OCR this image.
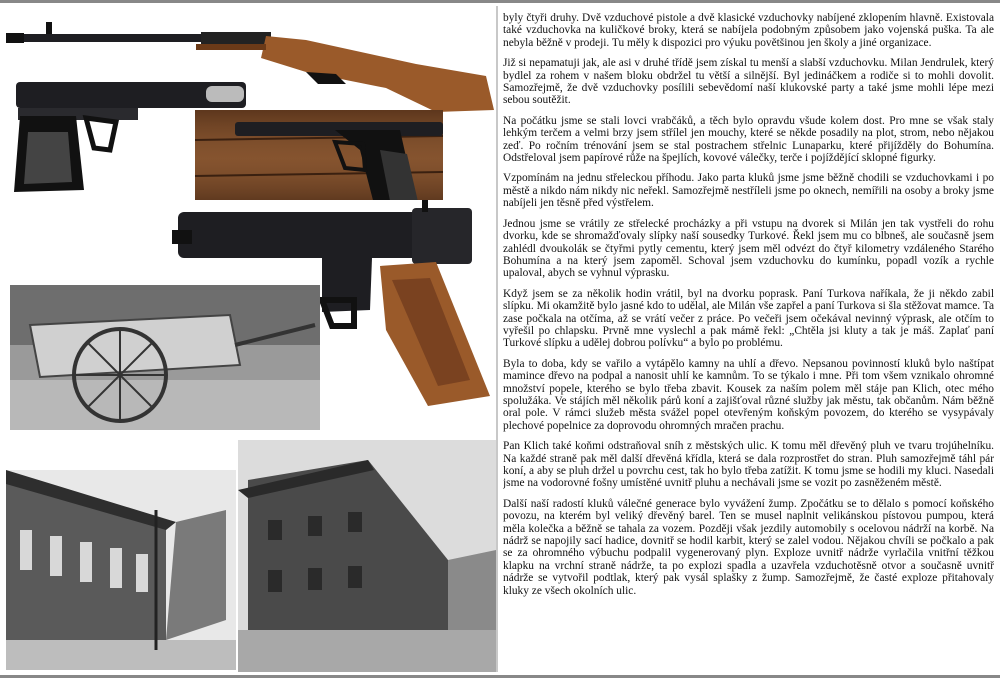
byly čtyři druhy. Dvě vzduchové pistole a dvě klasické vzduchovky nabíjené zklopením hlavně. Existovala také vzduchovka na kuličkové broky, která se nabíjela podobným způsobem jako vojenská puška. Ta ale nebyla běžně v prodeji. Tu měly k dispozici pro výuku povětšinou jen školy a jiné organizace.

Již si nepamatuji jak, ale asi v druhé třídě jsem získal tu menší a slabší vzduchovku. Milan Jendrulek, který bydlel za rohem v našem bloku obdržel tu větší a silnější. Byl jedináčkem a rodiče si to mohli dovolit. Samozřejmě, že dvě vzduchovky posílili sebevědomí naší klukovské party a také jsme mohli lépe mezi sebou soutěžit.

Na počátku jsme se stali lovci vrabčáků, a těch bylo opravdu všude kolem dost. Pro mne se však staly lehkým terčem a velmi brzy jsem střílel jen mouchy, které se někde posadily na plot, strom, nebo nějakou zeď. Po ročním trénování jsem se stal postrachem střelnic Lunaparku, které přijížděly do Bohumína. Odstřeloval jsem papírové růže na špejlích, kovové válečky, terče i pojíždějící sklopné figurky.

Vzpomínám na jednu střeleckou příhodu. Jako parta kluků jsme jsme běžně chodili se vzduchovkami i po městě a nikdo nám nikdy nic neřekl. Samozřejmě nestříleli jsme po oknech, nemířili na osoby a broky jsme nabíjeli jen těsně před výstřelem.

Jednou jsme se vrátily ze střelecké procházky a při vstupu na dvorek si Milán jen tak vystřeli do rohu dvorku, kde se shromažďovaly slípky naší sousedky Turkové. Řekl jsem mu co blbneš, ale současně jsem zahlédl dvoukolák se čtyřmi pytly cementu, který jsem měl odvézt do čtyř kilometry vzdáleného Starého Bohumína a na který jsem zapoměl. Schoval jsem vzduchovku do kumínku, popadl vozík a rychle upaloval, abych se vyhnul výprasku.

Když jsem se za několik hodin vrátil, byl na dvorku poprask. Paní Turkova naříkala, že ji někdo zabil slípku. Mi okamžitě bylo jasné kdo to udělal, ale Milán vše zapřel a paní Turkova si šla stěžovat mamce. Ta zase počkala na otčíma, až se vrátí večer z práce. Po večeři jsem očekával nevinný výprask, ale otčím to vyřešil po chlapsku. Prvně mne vyslechl a pak mámě řekl: „Chtěla jsi kluty a tak je máš. Zaplať paní Turkové slípku a udělej dobrou polívku“ a bylo po problému.

Byla to doba, kdy se vařilo a vytápělo kamny na uhlí a dřevo. Nepsanou povinností kluků bylo naštípat mamince dřevo na podpal a nanosit uhlí ke kamnům. To se týkalo i mne. Při tom všem vznikalo ohromné množství popele, kterého se bylo třeba zbavit. Kousek za naším polem měl stáje pan Klich, otec mého spolužáka. Ve stájích měl několik párů koní a zajišťoval různé služby jak městu, tak občanům. Nám běžně oral pole. V rámci služeb města svážel popel otevřeným koňským povozem, do kterého se vysypávaly plechové popelnice za doprovodu ohromných mračen prachu.

Pan Klich také koňmi odstraňoval sníh z městských ulic. K tomu měl dřevěný pluh ve tvaru trojúhelníku. Na každé straně pak měl další dřevěná křídla, která se dala rozprostřet do stran. Pluh samozřejmě táhl pár koní, a aby se pluh držel u povrchu cest, tak ho bylo třeba zatížit. K tomu jsme se hodili my kluci. Nasedali jsme na vodorovné fošny umístěné uvnitř pluhu a nechávali jsme se vozit po zasněženém městě.

Další naší radostí kluků válečné generace bylo vyvážení žump. Zpočátku se to dělalo s pomocí koňského povozu, na kterém byl veliký dřevěný barel. Ten se musel naplnit velikánskou pístovou pumpou, která měla kolečka a běžně se tahala za vozem. Později však jezdily automobily s ocelovou nádrží na korbě. Na nádrž se napojily sací hadice, dovnitř se hodil karbit, který se zalel vodou. Nějakou chvíli se počkalo a pak se za ohromného výbuchu podpalil vygenerovaný plyn. Exploze uvnitř nádrže vyrlačila vnitřní těžkou klapku na vrchní straně nádrže, ta po explozi spadla a uzavřela vzduchotěsně otvor a současně uvnitř nádrže se vytvořil podtlak, který pak vysál splašky z žump. Samozřejmě, že časté exploze přitahovaly kluky ze všech okolních ulic.
